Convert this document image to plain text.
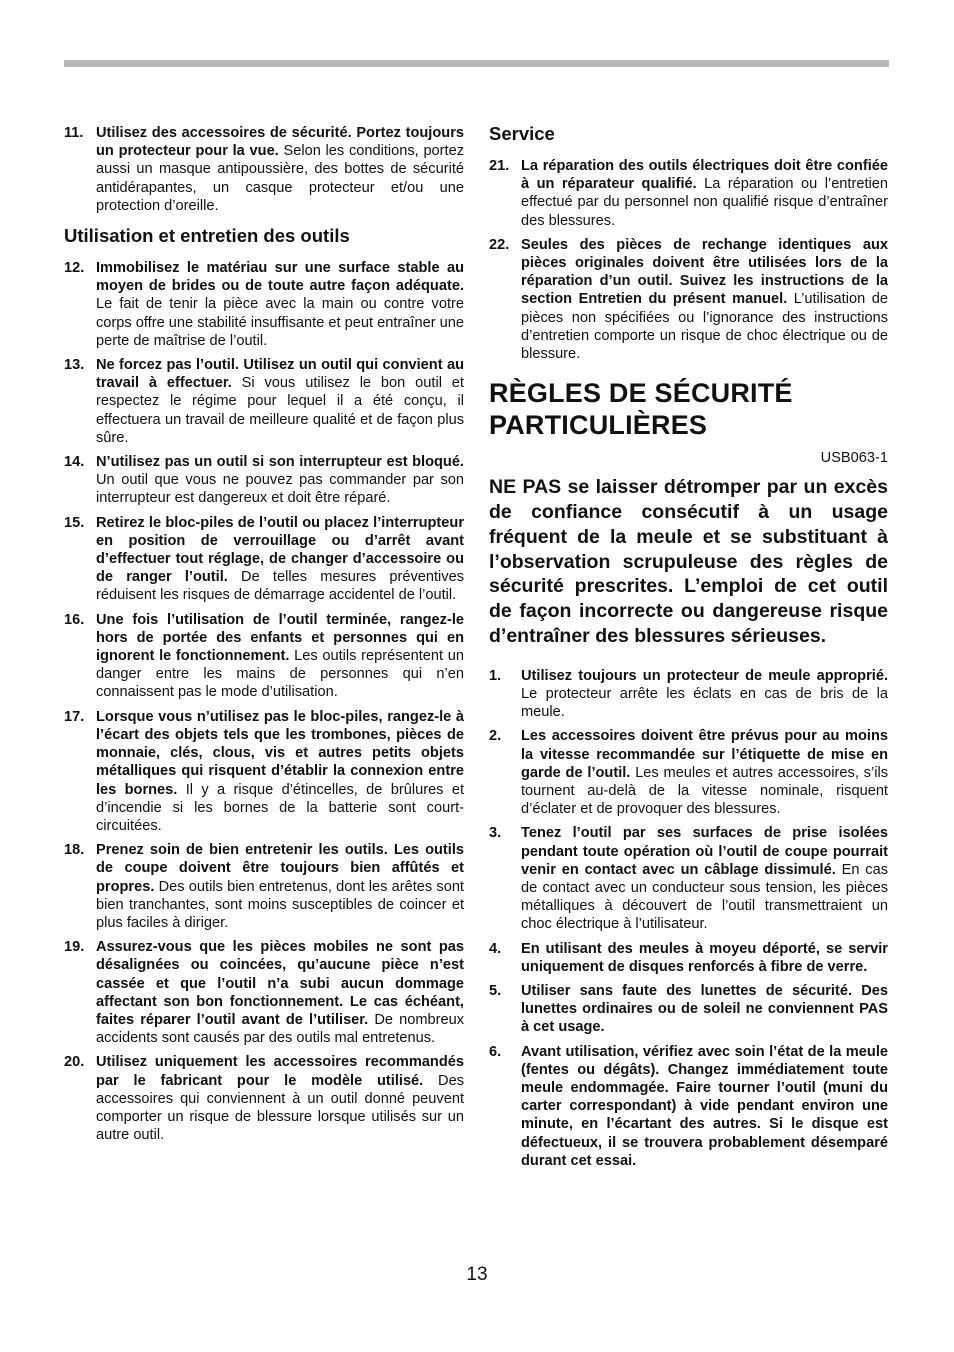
11. Utilisez des accessoires de sécurité. Portez toujours un protecteur pour la vue. Selon les conditions, portez aussi un masque antipoussière, des bottes de sécurité antidérapantes, un casque protecteur et/ou une protection d’oreille.
Utilisation et entretien des outils
12. Immobilisez le matériau sur une surface stable au moyen de brides ou de toute autre façon adéquate. Le fait de tenir la pièce avec la main ou contre votre corps offre une stabilité insuffisante et peut entraîner une perte de maîtrise de l’outil.
13. Ne forcez pas l’outil. Utilisez un outil qui convient au travail à effectuer. Si vous utilisez le bon outil et respectez le régime pour lequel il a été conçu, il effectuera un travail de meilleure qualité et de façon plus sûre.
14. N’utilisez pas un outil si son interrupteur est bloqué. Un outil que vous ne pouvez pas commander par son interrupteur est dangereux et doit être réparé.
15. Retirez le bloc-piles de l’outil ou placez l’interrupteur en position de verrouillage ou d’arrêt avant d’effectuer tout réglage, de changer d’accessoire ou de ranger l’outil. De telles mesures préventives réduisent les risques de démarrage accidentel de l’outil.
16. Une fois l’utilisation de l’outil terminée, rangez-le hors de portée des enfants et personnes qui en ignorent le fonctionnement. Les outils représentent un danger entre les mains de personnes qui n’en connaissent pas le mode d’utilisation.
17. Lorsque vous n’utilisez pas le bloc-piles, rangez-le à l’écart des objets tels que les trombones, pièces de monnaie, clés, clous, vis et autres petits objets métalliques qui risquent d’établir la connexion entre les bornes. Il y a risque d’étincelles, de brûlures et d’incendie si les bornes de la batterie sont court-circuitées.
18. Prenez soin de bien entretenir les outils. Les outils de coupe doivent être toujours bien affûtés et propres. Des outils bien entretenus, dont les arêtes sont bien tranchantes, sont moins susceptibles de coincer et plus faciles à diriger.
19. Assurez-vous que les pièces mobiles ne sont pas désalignées ou coincées, qu’aucune pièce n’est cassée et que l’outil n’a subi aucun dommage affectant son bon fonctionnement. Le cas échéant, faites réparer l’outil avant de l’utiliser. De nombreux accidents sont causés par des outils mal entretenus.
20. Utilisez uniquement les accessoires recommandés par le fabricant pour le modèle utilisé. Des accessoires qui conviennent à un outil donné peuvent comporter un risque de blessure lorsque utilisés sur un autre outil.
Service
21. La réparation des outils électriques doit être confiée à un réparateur qualifié. La réparation ou l’entretien effectué par du personnel non qualifié risque d’entraîner des blessures.
22. Seules des pièces de rechange identiques aux pièces originales doivent être utilisées lors de la réparation d’un outil. Suivez les instructions de la section Entretien du présent manuel. L’utilisation de pièces non spécifiées ou l’ignorance des instructions d’entretien comporte un risque de choc électrique ou de blessure.
RÈGLES DE SÉCURITÉ PARTICULIÈRES
USB063-1
NE PAS se laisser détromper par un excès de confiance consécutif à un usage fréquent de la meule et se substituant à l’observation scrupuleuse des règles de sécurité prescrites. L’emploi de cet outil de façon incorrecte ou dangereuse risque d’entraîner des blessures sérieuses.
1.	Utilisez toujours un protecteur de meule approprié. Le protecteur arrête les éclats en cas de bris de la meule.
2.	Les accessoires doivent être prévus pour au moins la vitesse recommandée sur l’étiquette de mise en garde de l’outil. Les meules et autres accessoires, s’ils tournent au-delà de la vitesse nominale, risquent d’éclater et de provoquer des blessures.
3.	Tenez l’outil par ses surfaces de prise isolées pendant toute opération où l’outil de coupe pourrait venir en contact avec un câblage dissimulé. En cas de contact avec un conducteur sous tension, les pièces métalliques à découvert de l’outil transmettraient un choc électrique à l’utilisateur.
4.	En utilisant des meules à moyeu déporté, se servir uniquement de disques renforcés à fibre de verre.
5.	Utiliser sans faute des lunettes de sécurité. Des lunettes ordinaires ou de soleil ne conviennent PAS à cet usage.
6.	Avant utilisation, vérifiez avec soin l’état de la meule (fentes ou dégâts). Changez immédiatement toute meule endommagée. Faire tourner l’outil (muni du carter correspondant) à vide pendant environ une minute, en l’écartant des autres. Si le disque est défectueux, il se trouvera probablement désemparé durant cet essai.
13
